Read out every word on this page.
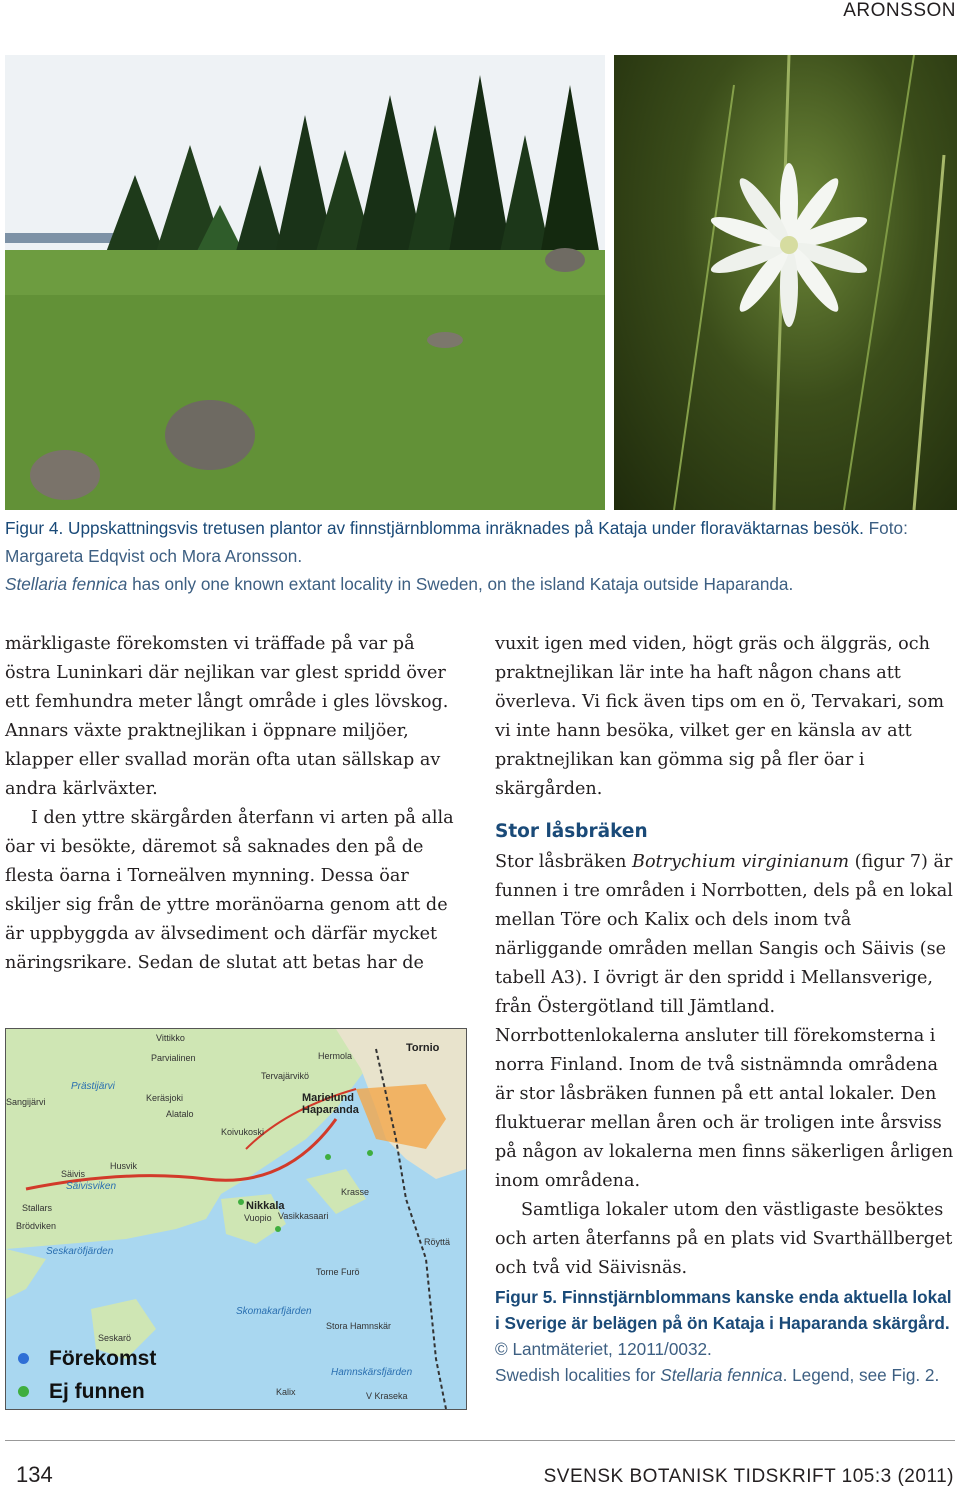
ARONSSON
Figur 4. Uppskattningsvis tretusen plantor av finnstjärnblomma inräknades på Kataja under floraväktarnas besök. Foto: Margareta Edqvist och Mora Aronsson.
Stellaria fennica has only one known extant locality in Sweden, on the island Kataja outside Haparanda.

märkligaste förekomsten vi träffade på var på östra Luninkari där nejlikan var glest spridd över ett femhundra meter långt område i gles lövskog. Annars växte praktnejlikan i öppnare miljöer, klapper eller svallad morän ofta utan sällskap av andra kärlväxter.

I den yttre skärgården återfann vi arten på alla öar vi besökte, däremot så saknades den på de flesta öarna i Torneälven mynning. Dessa öar skiljer sig från de yttre moränöarna genom att de är uppbyggda av älvsediment och därfär mycket näringsrikare. Sedan de slutat att betas har de

vuxit igen med viden, högt gräs och älggräs, och praktnejlikan lär inte ha haft någon chans att överleva. Vi fick även tips om en ö, Tervakari, som vi inte hann besöka, vilket ger en känsla av att praktnejlikan kan gömma sig på fler öar i skärgården.

Stor låsbräken

Stor låsbräken Botrychium virginianum (figur 7) är funnen i tre områden i Norrbotten, dels på en lokal mellan Töre och Kalix och dels inom två närliggande områden mellan Sangis och Säivis (se tabell A3). I övrigt är den spridd i Mellansverige, från Östergötland till Jämtland. Norrbottenlokalerna ansluter till förekomsterna i norra Finland. Inom de två sistnämnda områdena är stor låsbräken funnen på ett antal lokaler. Den fluktuerar mellan åren och är troligen inte årsviss på någon av lokalerna men finns säkerligen årligen inom områdena.

Samtliga lokaler utom den västligaste besöktes och arten återfanns på en plats vid Svarthällberget och två vid Säivisnäs.

Vittikko
Parvialinen
Prästijärvi
Keräsjoki
Alatalo
Koivukoski
Sangijärvi
Husvik
Säivis
Säivisviken
Stallars
Brödviken
Seskaröfjärden
Seskarö
Nikkala
Vuopio
Marielund
Haparanda
Tornio
Hermola
Tervajärvikö
Krasse
Vasikkasaari
Röyttä
Torne Furö
Skomakarfjärden
Stora Hamnskär
Hamnskärsfjärden
V Kraseka
Kalix
Förekomst
Ej funnen
Figur 5. Finnstjärnblommans kanske enda aktuella lokal i Sverige är belägen på ön Kataja i Haparanda skärgård. © Lantmäteriet, 12011/0032.
Swedish localities for Stellaria fennica. Legend, see Fig. 2.
134	SVENSK BOTANISK TIDSKRIFT 105:3 (2011)
